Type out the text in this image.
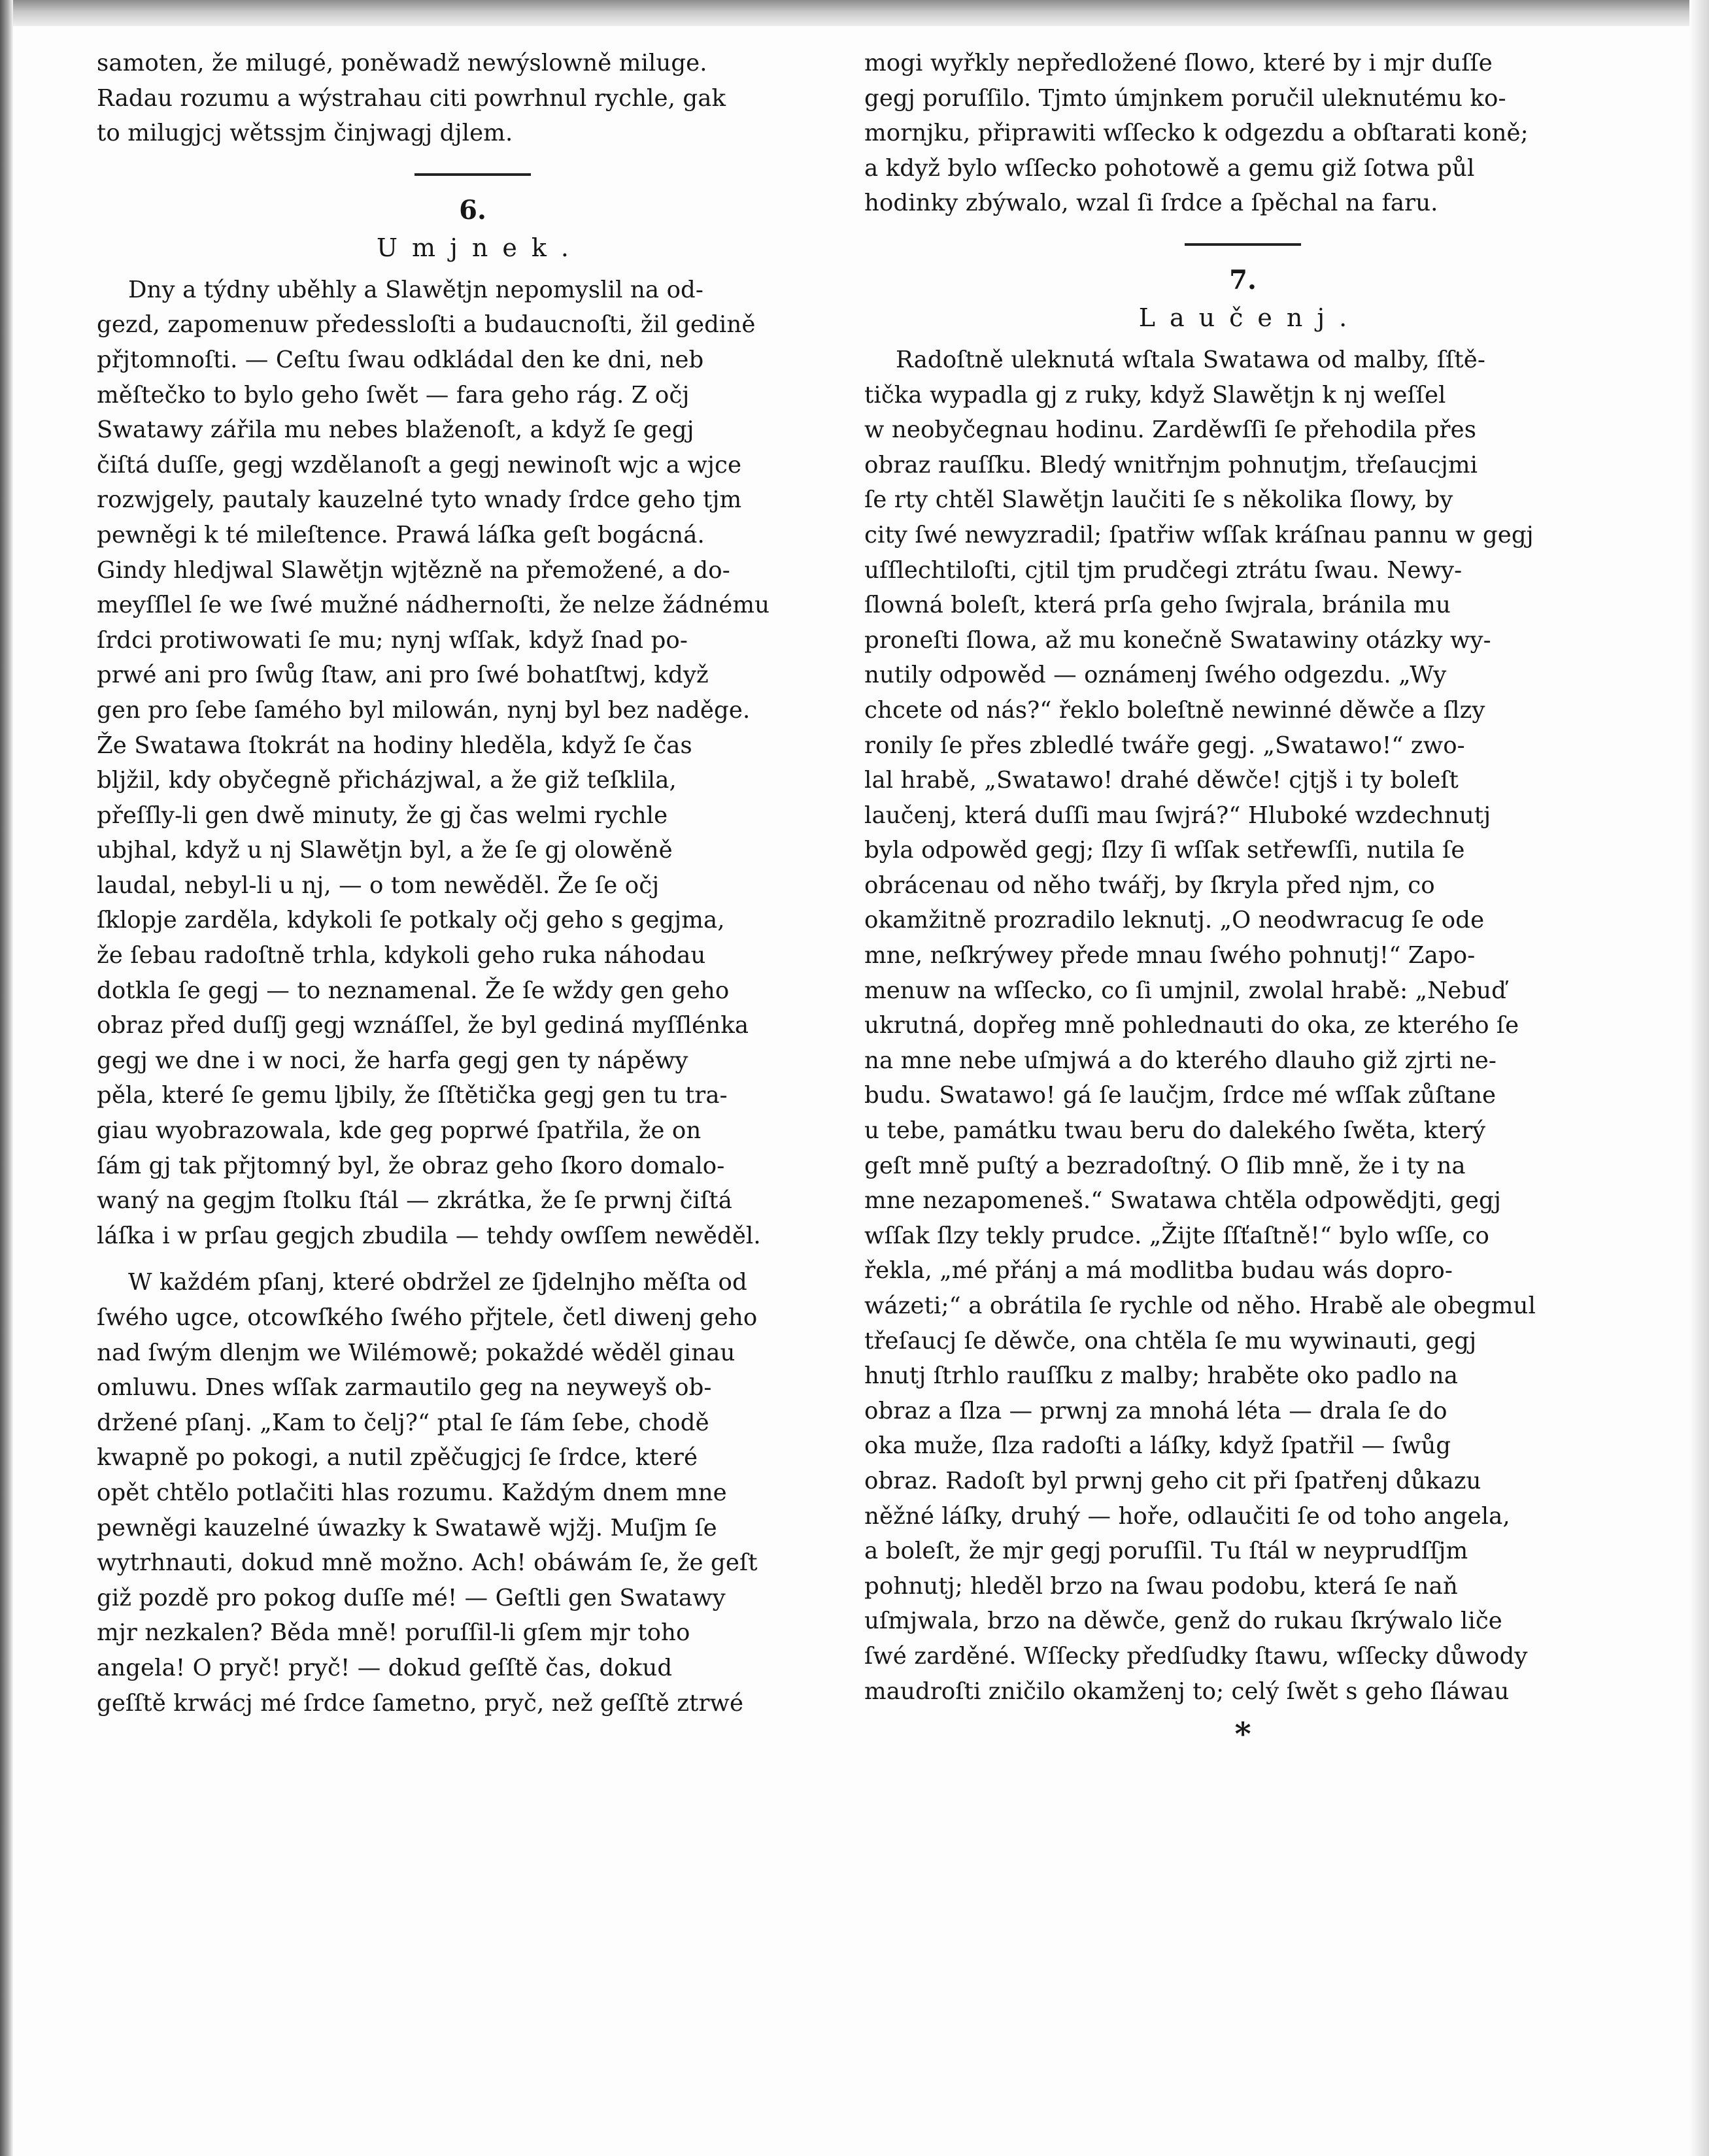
samoten, že milugé, poněwadž newýslowně miluge.
Radau rozumu a wýstrahau citi powrhnul rychle, gak
to milugjcj wětssjm činjwagj djlem.

6.
Umjnek.

Dny a týdny uběhly a Slawětjn nepomyslil na od-
gezd, zapomenuw předessloſti a budaucnoſti, žil gedině
přjtomnoſti. — Ceſtu ſwau odkládal den ke dni, neb
měſtečko to bylo geho ſwět — fara geho rág. Z očj
Swatawy zářila mu nebes blaženoſt, a když ſe gegj
čiſtá duſſe, gegj wzdělanoſt a gegj newinoſt wjc a wjce
rozwjgely, pautaly kauzelné tyto wnady ſrdce geho tjm
pewněgi k té mileſtence. Prawá láſka geſt bogácná.
Gindy hledjwal Slawětjn wjtězně na přemožené, a do-
meyſſlel ſe we ſwé mužné nádhernoſti, že nelze žádnému
ſrdci protiwowati ſe mu; nynj wſſak, když ſnad po-
prwé ani pro ſwůg ſtaw, ani pro ſwé bohatſtwj, když
gen pro ſebe ſamého byl milowán, nynj byl bez naděge.
Že Swatawa ſtokrát na hodiny hleděla, když ſe čas
blјžil, kdy obyčegně přicházjwal, a že giž teſklila,
přeſſly-li gen dwě minuty, že gj čas welmi rychle
ubjhal, když u nj Slawětjn byl, a že ſe gj olowěně
laudal, nebyl-li u nj, — o tom newěděl. Že ſe očj
ſklopje zarděla, kdykoli ſe potkaly očj geho s gegjma,
že ſebau radoſtně trhla, kdykoli geho ruka náhodau
dotkla ſe gegj — to neznamenal. Že ſe wždy gen geho
obraz před duſſj gegj wznáſſel, že byl gediná myſſlénka
gegj we dne i w noci, že harfa gegj gen ty nápěwy
pěla, které ſe gemu ljbily, že ſſtětička gegj gen tu tra-
giau wyobrazowala, kde geg poprwé ſpatřila, že on
ſám gj tak přjtomný byl, že obraz geho ſkoro domalo-
waný na gegjm ſtolku ſtál — zkrátka, že ſe prwnj čiſtá
láſka i w prſau gegjch zbudila — tehdy owſſem newěděl.

W každém pſanj, které obdržel ze ſjdelnjho měſta od
ſwého ugce, otcowſkého ſwého přjtele, četl diwenj geho
nad ſwým dlenjm we Wilémowě; pokaždé wěděl ginau
omluwu. Dnes wſſak zarmautilo geg na neyweyš ob-
držené pſanj. „Kam to čelj?“ ptal ſe ſám ſebe, chodě
kwapně po pokogi, a nutil zpěčugjcj ſe ſrdce, které
opět chtělo potlačiti hlas rozumu. Každým dnem mne
pewněgi kauzelné úwazky k Swatawě wjžj. Muſjm ſe
wytrhnauti, dokud mně možno. Ach! obáwám ſe, že geſt
giž pozdě pro pokog duſſe mé! — Geſtli gen Swatawy
mjr nezkalen? Běda mně! poruſſil-li gſem mjr toho
angela! O pryč! pryč! — dokud geſſtě čas, dokud
geſſtě krwácj mé ſrdce ſametno, pryč, než geſſtě ztrwé

mogi wyřkly nepředložené ſlowo, které by i mjr duſſe
gegj poruſſilo. Tjmto úmjnkem poručil uleknutému ko-
mornjku, připrawiti wſſecko k odgezdu a obſtarati koně;
a když bylo wſſecko pohotowě a gemu giž ſotwa půl
hodinky zbýwalo, wzal ſi ſrdce a ſpěchal na faru.

7.
Laučenj.

Radoſtně uleknutá wſtala Swatawa od malby, ſſtě-
tička wypadla gj z ruky, když Slawětjn k nj weſſel
w neobyčegnau hodinu. Zarděwſſi ſe přehodila přes
obraz rauſſku. Bledý wnitřnjm pohnutjm, třeſaucjmi
ſe rty chtěl Slawětjn laučiti ſe s několika ſlowy, by
city ſwé newyzradil; ſpatřiw wſſak kráſnau pannu w gegj
uſſlechtiloſti, cjtil tjm prudčegi ztrátu ſwau. Newy-
ſlowná boleſt, která prſa geho ſwjrala, bránila mu
proneſti ſlowa, až mu konečně Swatawiny otázky wy-
nutily odpowěd — oznámenj ſwého odgezdu. „Wy
chcete od nás?“ řeklo boleſtně newinné děwče a ſlzy
ronily ſe přes zbledlé twáře gegj. „Swatawo!“ zwo-
lal hrabě, „Swatawo! drahé děwče! cjtjš i ty boleſt
laučenj, která duſſi mau ſwjrá?“ Hluboké wzdechnutj
byla odpowěd gegj; ſlzy ſi wſſak setřewſſi, nutila ſe
obrácenau od něho twářj, by ſkryla před njm, co
okamžitně prozradilo leknutj. „O neodwracug ſe ode
mne, neſkrýwey přede mnau ſwého pohnutj!“ Zapo-
menuw na wſſecko, co ſi umjnil, zwolal hrabě: „Nebuď
ukrutná, dopřeg mně pohlednauti do oka, ze kterého ſe
na mne nebe uſmjwá a do kterého dlauho giž zjrti ne-
budu. Swatawo! gá ſe laučjm, ſrdce mé wſſak zůſtane
u tebe, památku twau beru do dalekého ſwěta, který
geſt mně puſtý a bezradoſtný. O ſlib mně, že i ty na
mne nezapomeneš.“ Swatawa chtěla odpowědjti, gegj
wſſak ſlzy tekly prudce. „Žijte ſſťaſtně!“ bylo wſſe, co
řekla, „mé přánj a má modlitba budau wás dopro-
wázeti;“ a obrátila ſe rychle od něho. Hrabě ale obegmul
třeſaucj ſe děwče, ona chtěla ſe mu wywinauti, gegj
hnutj ſtrhlo rauſſku z malby; hraběte oko padlo na
obraz a ſlza — prwnj za mnohá léta — drala ſe do
oka muže, ſlza radoſti a láſky, když ſpatřil — ſwůg
obraz. Radoſt byl prwnj geho cit při ſpatřenj důkazu
něžné láſky, druhý — hoře, odlaučiti ſe od toho angela,
a boleſt, že mjr gegj poruſſil. Tu ſtál w neyprudſſjm
pohnutj; hleděl brzo na ſwau podobu, která ſe naň
uſmjwala, brzo na děwče, genž do rukau ſkrýwalo liče
ſwé zarděné. Wſſecky předſudky ſtawu, wſſecky důwody
maudroſti zničilo okamženj to; celý ſwět s geho ſláwau

*
